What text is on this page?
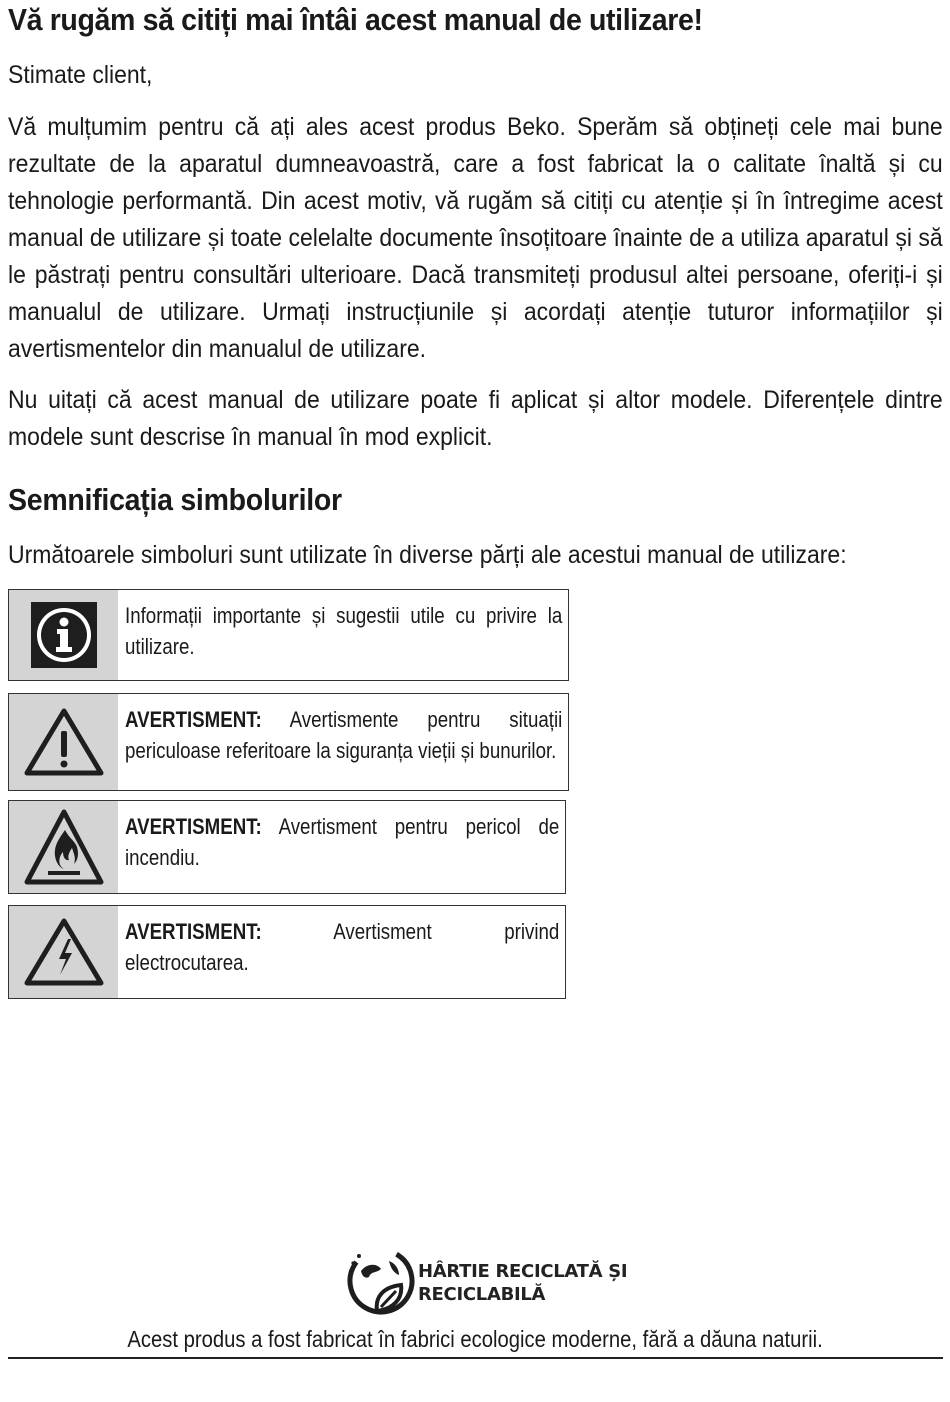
Vă rugăm să citiți mai întâi acest manual de utilizare!

Stimate client,

Vă mulțumim pentru că ați ales acest produs Beko. Sperăm să obțineți cele mai bune rezultate de la aparatul dumneavoastră, care a fost fabricat la o calitate înaltă și cu tehnologie performantă. Din acest motiv, vă rugăm să citiți cu atenție și în întregime acest manual de utilizare și toate celelalte documente însoțitoare înainte de a utiliza aparatul și să le păstrați pentru consultări ulterioare. Dacă transmiteți produsul altei persoane, oferiți-i și manualul de utilizare. Urmați instrucțiunile și acordați atenție tuturor informațiilor și avertismentelor din manualul de utilizare.

Nu uitați că acest manual de utilizare poate fi aplicat și altor modele. Diferențele dintre modele sunt descrise în manual în mod explicit.

Semnificația simbolurilor

Următoarele simboluri sunt utilizate în diverse părți ale acestui manual de utilizare:

Informații importante și sugestii utile cu privire la utilizare.
AVERTISMENT: Avertismente pentru situații periculoase referitoare la siguranța vieții și bunurilor.
AVERTISMENT: Avertisment pentru pericol de incendiu.
AVERTISMENT:	Avertisment privind
electrocutarea.
HÂRTIE RECICLATĂ ȘI
RECICLABILĂ
Acest produs a fost fabricat în fabrici ecologice moderne, fără a dăuna naturii.
